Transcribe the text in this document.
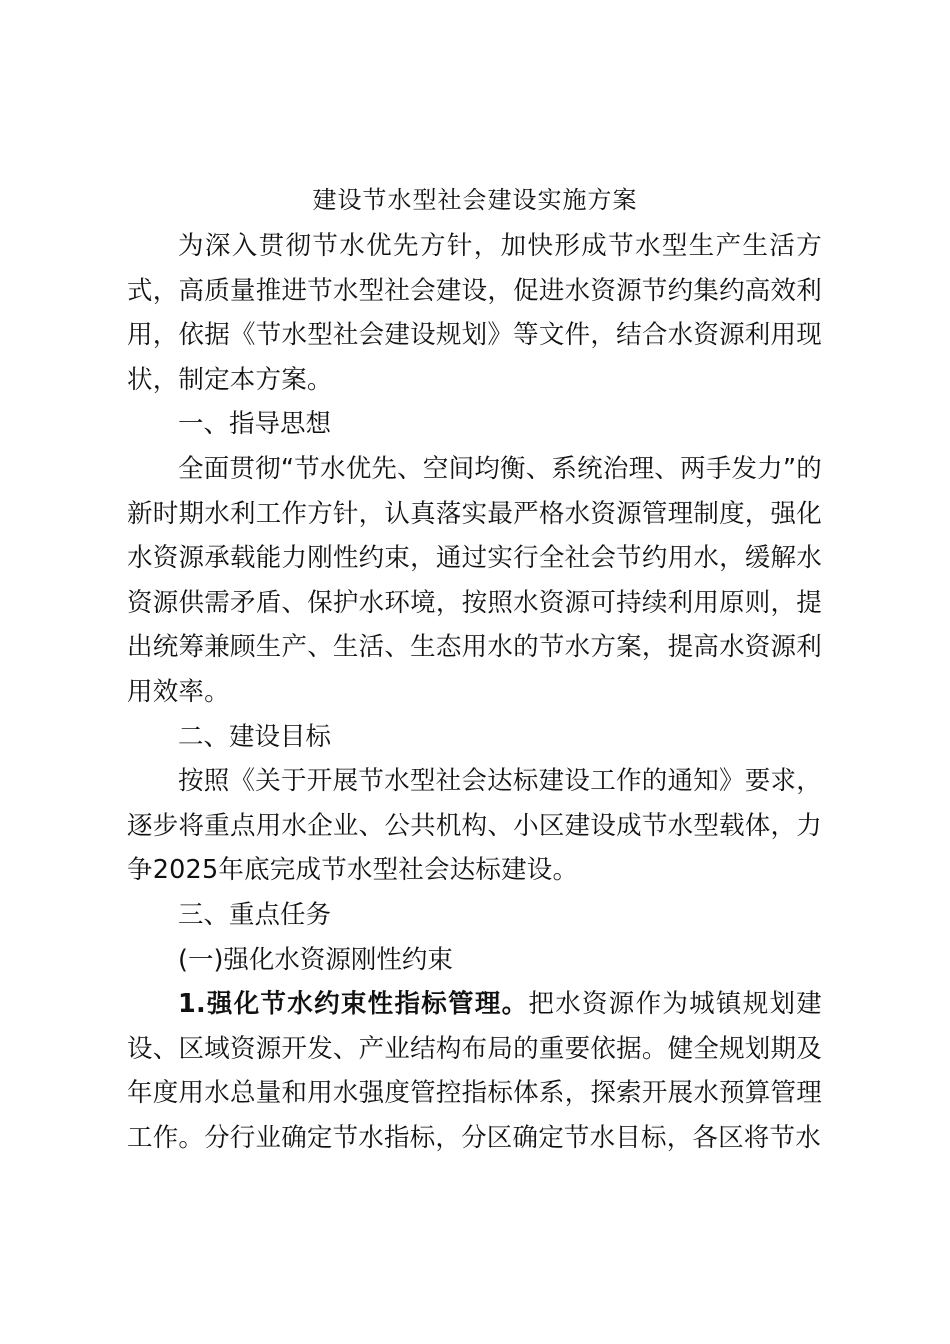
建设节水型社会建设实施方案

为深入贯彻节水优先方针，加快形成节水型生产生活方式，高质量推进节水型社会建设，促进水资源节约集约高效利用，依据《节水型社会建设规划》等文件，结合水资源利用现状，制定本方案。

一、指导思想

全面贯彻“节水优先、空间均衡、系统治理、两手发力”的新时期水利工作方针，认真落实最严格水资源管理制度，强化水资源承载能力刚性约束，通过实行全社会节约用水，缓解水资源供需矛盾、保护水环境，按照水资源可持续利用原则，提出统筹兼顾生产、生活、生态用水的节水方案，提高水资源利用效率。

二、建设目标

按照《关于开展节水型社会达标建设工作的通知》要求，逐步将重点用水企业、公共机构、小区建设成节水型载体，力争2025年底完成节水型社会达标建设。

三、重点任务

(一)强化水资源刚性约束

1.强化节水约束性指标管理。把水资源作为城镇规划建设、区域资源开发、产业结构布局的重要依据。健全规划期及年度用水总量和用水强度管控指标体系，探索开展水预算管理工作。分行业确定节水指标，分区确定节水目标，各区将节水
